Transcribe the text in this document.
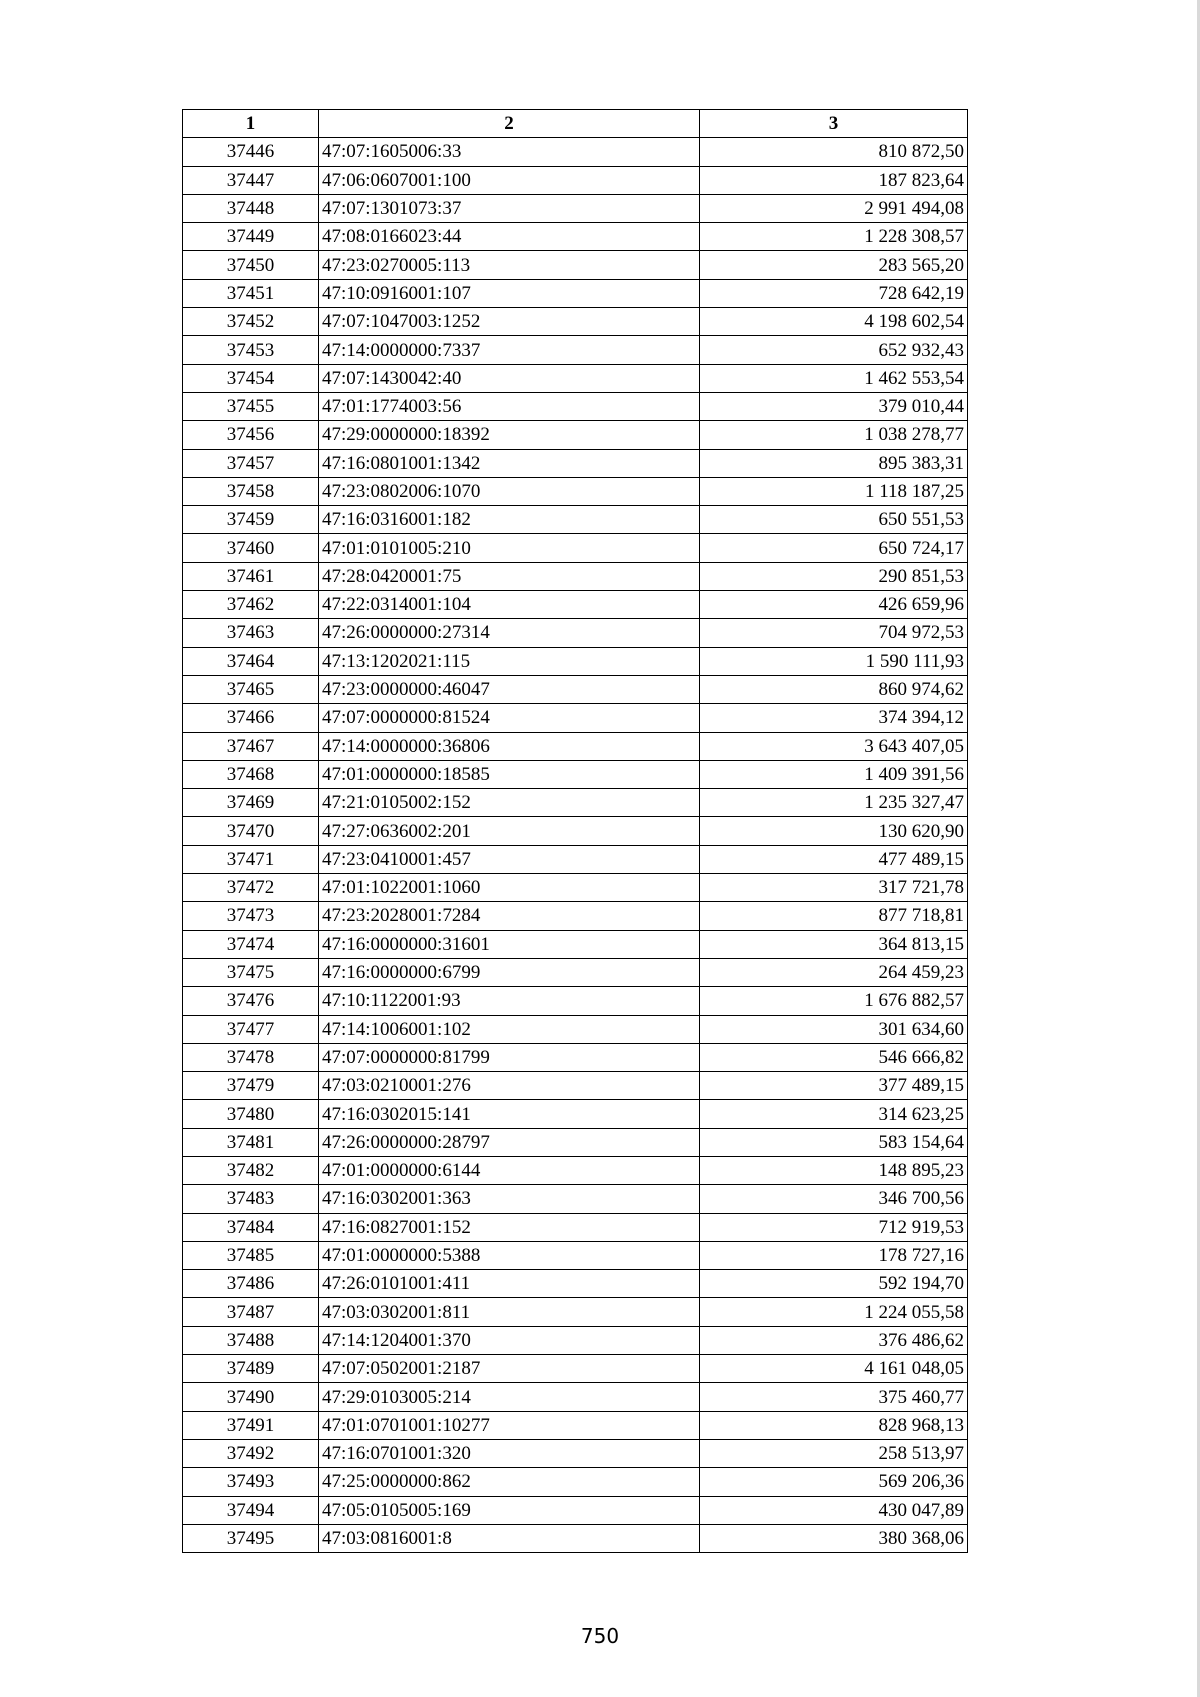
1	2	3
37446	47:07:1605006:33	810 872,50
37447	47:06:0607001:100	187 823,64
37448	47:07:1301073:37	2 991 494,08
37449	47:08:0166023:44	1 228 308,57
37450	47:23:0270005:113	283 565,20
37451	47:10:0916001:107	728 642,19
37452	47:07:1047003:1252	4 198 602,54
37453	47:14:0000000:7337	652 932,43
37454	47:07:1430042:40	1 462 553,54
37455	47:01:1774003:56	379 010,44
37456	47:29:0000000:18392	1 038 278,77
37457	47:16:0801001:1342	895 383,31
37458	47:23:0802006:1070	1 118 187,25
37459	47:16:0316001:182	650 551,53
37460	47:01:0101005:210	650 724,17
37461	47:28:0420001:75	290 851,53
37462	47:22:0314001:104	426 659,96
37463	47:26:0000000:27314	704 972,53
37464	47:13:1202021:115	1 590 111,93
37465	47:23:0000000:46047	860 974,62
37466	47:07:0000000:81524	374 394,12
37467	47:14:0000000:36806	3 643 407,05
37468	47:01:0000000:18585	1 409 391,56
37469	47:21:0105002:152	1 235 327,47
37470	47:27:0636002:201	130 620,90
37471	47:23:0410001:457	477 489,15
37472	47:01:1022001:1060	317 721,78
37473	47:23:2028001:7284	877 718,81
37474	47:16:0000000:31601	364 813,15
37475	47:16:0000000:6799	264 459,23
37476	47:10:1122001:93	1 676 882,57
37477	47:14:1006001:102	301 634,60
37478	47:07:0000000:81799	546 666,82
37479	47:03:0210001:276	377 489,15
37480	47:16:0302015:141	314 623,25
37481	47:26:0000000:28797	583 154,64
37482	47:01:0000000:6144	148 895,23
37483	47:16:0302001:363	346 700,56
37484	47:16:0827001:152	712 919,53
37485	47:01:0000000:5388	178 727,16
37486	47:26:0101001:411	592 194,70
37487	47:03:0302001:811	1 224 055,58
37488	47:14:1204001:370	376 486,62
37489	47:07:0502001:2187	4 161 048,05
37490	47:29:0103005:214	375 460,77
37491	47:01:0701001:10277	828 968,13
37492	47:16:0701001:320	258 513,97
37493	47:25:0000000:862	569 206,36
37494	47:05:0105005:169	430 047,89
37495	47:03:0816001:8	380 368,06
750
